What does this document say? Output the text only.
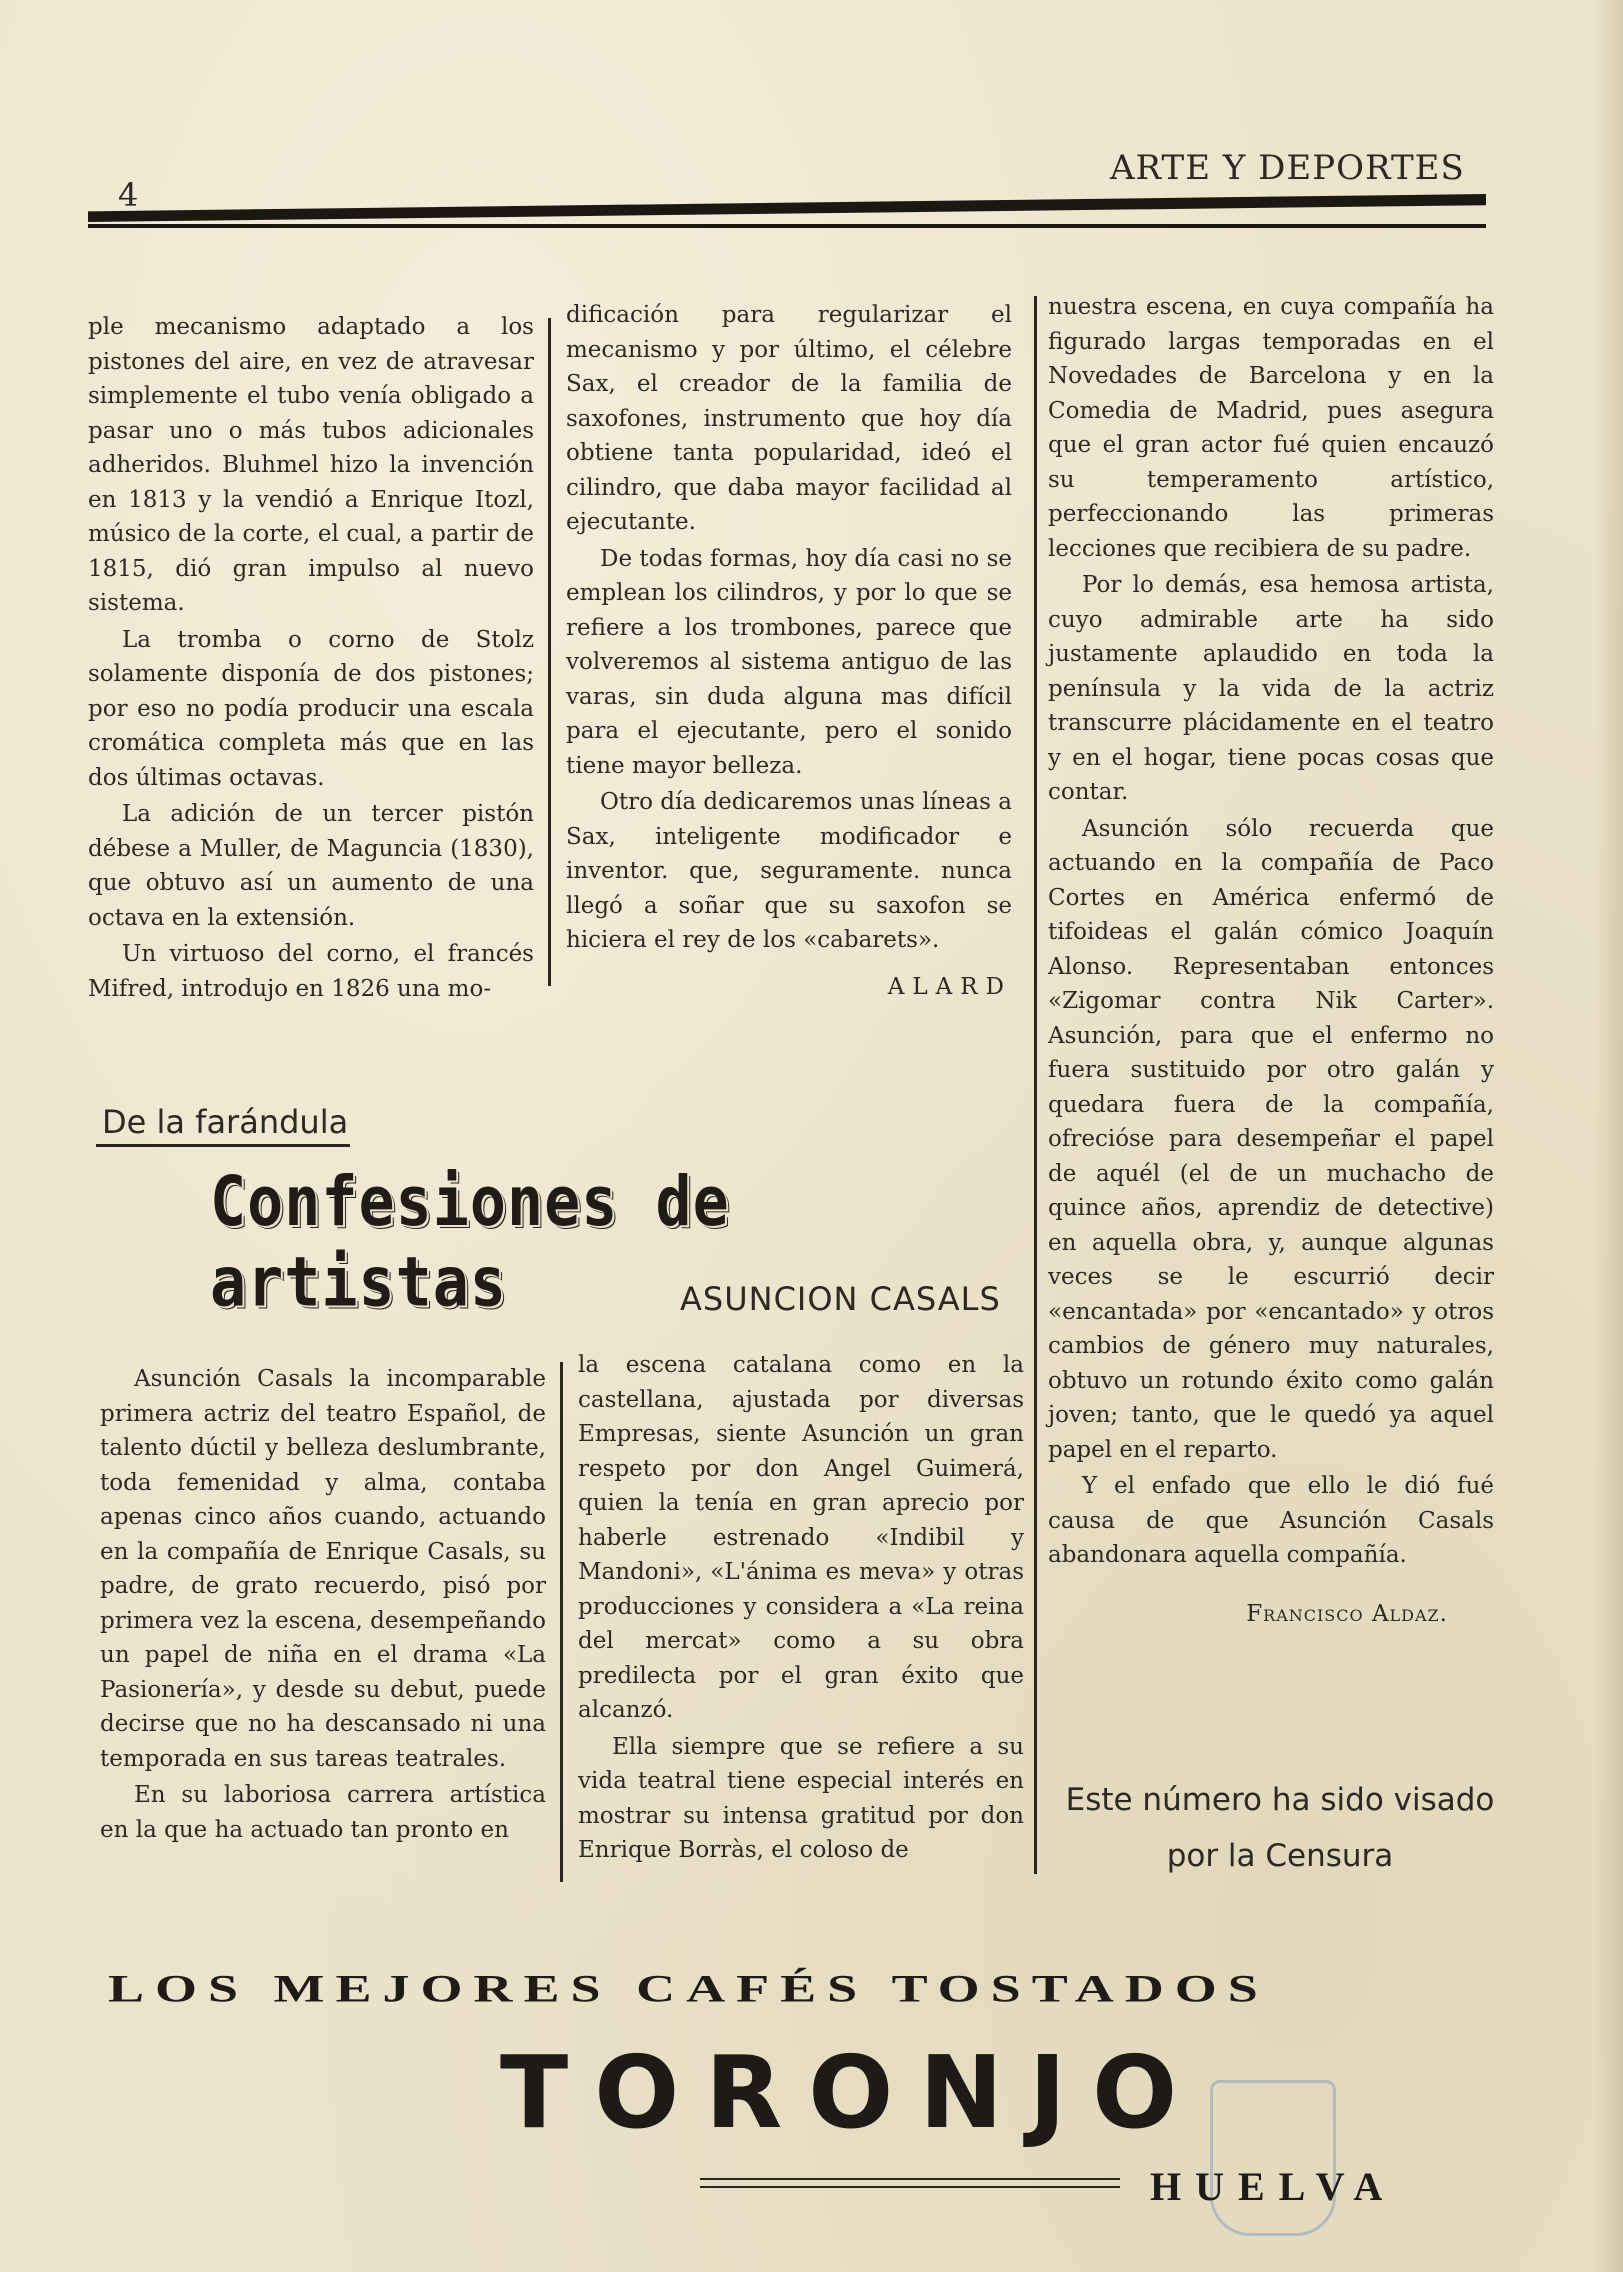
4
ARTE Y DEPORTES

ple mecanismo adaptado a los pistones del aire, en vez de atravesar simplemente el tubo venía obligado a pasar uno o más tubos adicionales adheridos. Bluhmel hizo la invención en 1813 y la vendió a Enrique Itozl, músico de la corte, el cual, a partir de 1815, dió gran impulso al nuevo sistema.

La tromba o corno de Stolz solamente disponía de dos pistones; por eso no podía producir una escala cromática completa más que en las dos últimas octavas.

La adición de un tercer pistón débese a Muller, de Maguncia (1830), que obtuvo así un aumento de una octava en la extensión.

Un virtuoso del corno, el francés Mifred, introdujo en 1826 una mo-

dificación para regularizar el mecanismo y por último, el célebre Sax, el creador de la familia de saxofones, instrumento que hoy día obtiene tanta popularidad, ideó el cilindro, que daba mayor facilidad al ejecutante.

De todas formas, hoy día casi no se emplean los cilindros, y por lo que se refiere a los trombones, parece que volveremos al sistema antiguo de las varas, sin duda alguna mas difícil para el ejecutante, pero el sonido tiene mayor belleza.

Otro día dedicaremos unas líneas a Sax, inteligente modificador e inventor. que, seguramente. nunca llegó a soñar que su saxofon se hiciera el rey de los «cabarets».

ALARD

De la farándula
Confesiones de artistas	ASUNCION CASALS

Asunción Casals la incomparable primera actriz del teatro Español, de talento dúctil y belleza deslumbrante, toda femenidad y alma, contaba apenas cinco años cuando, actuando en la compañía de Enrique Casals, su padre, de grato recuerdo, pisó por primera vez la escena, desempeñando un papel de niña en el drama «La Pasionería», y desde su debut, puede decirse que no ha descansado ni una temporada en sus tareas teatrales.

En su laboriosa carrera artística en la que ha actuado tan pronto en

la escena catalana como en la castellana, ajustada por diversas Empresas, siente Asunción un gran respeto por don Angel Guimerá, quien la tenía en gran aprecio por haberle estrenado «Indibil y Mandoni», «L'ánima es meva» y otras producciones y considera a «La reina del mercat» como a su obra predilecta por el gran éxito que alcanzó.

Ella siempre que se refiere a su vida teatral tiene especial interés en mostrar su intensa gratitud por don Enrique Borràs, el coloso de

nuestra escena, en cuya compañía ha figurado largas temporadas en el Novedades de Barcelona y en la Comedia de Madrid, pues asegura que el gran actor fué quien encauzó su temperamento artístico, perfeccionando las primeras lecciones que recibiera de su padre.

Por lo demás, esa hemosa artista, cuyo admirable arte ha sido justamente aplaudido en toda la península y la vida de la actriz transcurre plácidamente en el teatro y en el hogar, tiene pocas cosas que contar.

Asunción sólo recuerda que actuando en la compañía de Paco Cortes en América enfermó de tifoideas el galán cómico Joaquín Alonso. Representaban entonces «Zigomar contra Nik Carter». Asunción, para que el enfermo no fuera sustituido por otro galán y quedara fuera de la compañía, ofrecióse para desempeñar el papel de aquél (el de un muchacho de quince años, aprendiz de detective) en aquella obra, y, aunque algunas veces se le escurrió decir «encantada» por «encantado» y otros cambios de género muy naturales, obtuvo un rotundo éxito como galán joven; tanto, que le quedó ya aquel papel en el reparto.

Y el enfado que ello le dió fué causa de que Asunción Casals abandonara aquella compañía.

Francisco Aldaz.

Este número ha sido visado
por la Censura
LOS MEJORES CAFÉS TOSTADOS
TORONJO
HUELVA
